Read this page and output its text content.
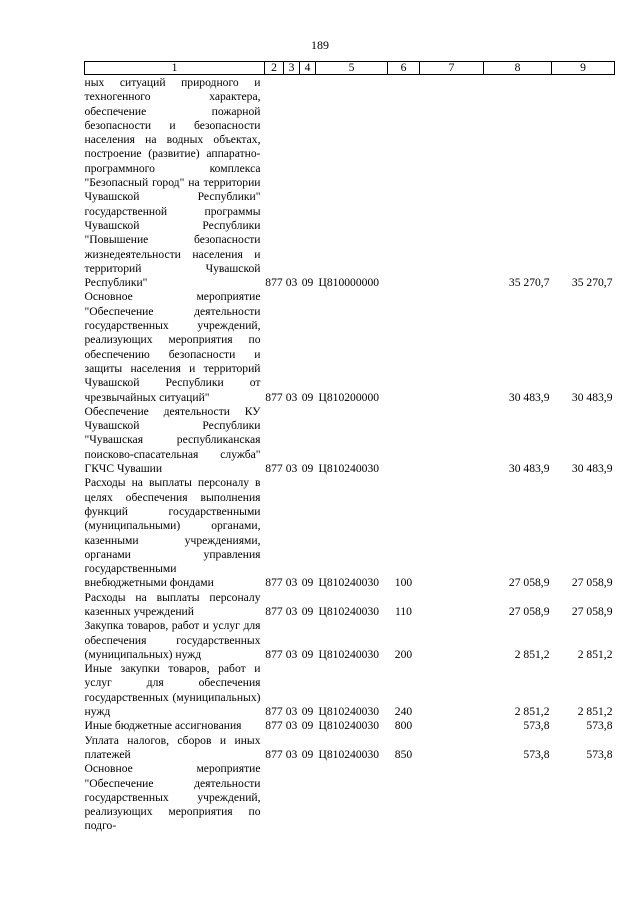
189
1	2	3	4	5	6	7	8	9
ных ситуаций природного и техногенного характера, обеспечение пожарной безопасности и безопасности населения на водных объектах, построение (развитие) аппаратно-программного комплекса "Безопасный город" на территории Чувашской Республики" государственной программы Чувашской Республики "Повышение безопасности жизнедеятельности населения и территорий Чувашской Республики"	877	03	09	Ц810000000			35 270,7	35 270,7
Основное мероприятие "Обеспечение деятельности государственных учреждений, реализующих мероприятия по обеспечению безопасности и защиты населения и территорий Чувашской Республики от чрезвычайных ситуаций"	877	03	09	Ц810200000			30 483,9	30 483,9
Обеспечение деятельности КУ Чувашской Республики "Чувашская республиканская поисково-спасательная служба" ГКЧС Чувашии	877	03	09	Ц810240030			30 483,9	30 483,9
Расходы на выплаты персоналу в целях обеспечения выполнения функций государственными (муниципальными) органами, казенными учреждениями, органами управления государственными внебюджетными фондами	877	03	09	Ц810240030	100		27 058,9	27 058,9
Расходы на выплаты персоналу казенных учреждений	877	03	09	Ц810240030	110		27 058,9	27 058,9
Закупка товаров, работ и услуг для обеспечения государственных (муниципальных) нужд	877	03	09	Ц810240030	200		2 851,2	2 851,2
Иные закупки товаров, работ и услуг для обеспечения государственных (муниципальных) нужд	877	03	09	Ц810240030	240		2 851,2	2 851,2
Иные бюджетные ассигнования	877	03	09	Ц810240030	800		573,8	573,8
Уплата налогов, сборов и иных платежей	877	03	09	Ц810240030	850		573,8	573,8
Основное мероприятие "Обеспечение деятельности государственных учреждений, реализующих мероприятия по подго-								
